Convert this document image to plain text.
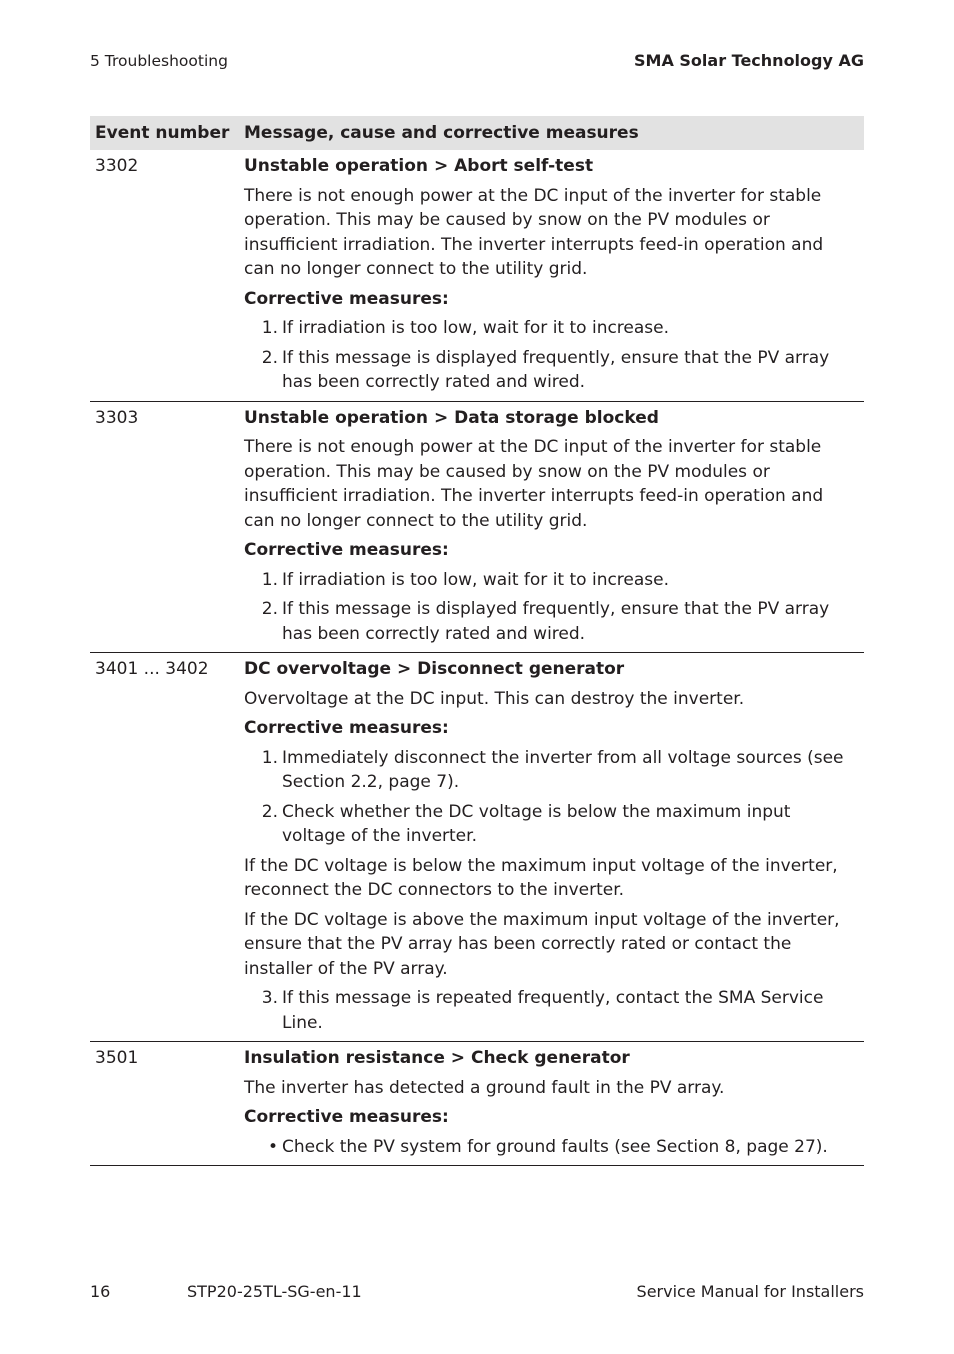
5 Troubleshooting	SMA Solar Technology AG
Event number Message, cause and corrective measures
3302	Unstable operation > Abort self-test
There is not enough power at the DC input of the inverter for stable operation. This may be caused by snow on the PV modules or insufficient irradiation. The inverter interrupts feed-in operation and can no longer connect to the utility grid.
Corrective measures:
1. If irradiation is too low, wait for it to increase.
2. If this message is displayed frequently, ensure that the PV array has been correctly rated and wired.
3303	Unstable operation > Data storage blocked
There is not enough power at the DC input of the inverter for stable operation. This may be caused by snow on the PV modules or insufficient irradiation. The inverter interrupts feed-in operation and can no longer connect to the utility grid.
Corrective measures:
1. If irradiation is too low, wait for it to increase.
2. If this message is displayed frequently, ensure that the PV array has been correctly rated and wired.
3401 ... 3402	DC overvoltage > Disconnect generator
Overvoltage at the DC input. This can destroy the inverter.
Corrective measures:
1. Immediately disconnect the inverter from all voltage sources (see Section 2.2, page 7).
2. Check whether the DC voltage is below the maximum input voltage of the inverter.
If the DC voltage is below the maximum input voltage of the inverter, reconnect the DC connectors to the inverter.
If the DC voltage is above the maximum input voltage of the inverter, ensure that the PV array has been correctly rated or contact the installer of the PV array.
3. If this message is repeated frequently, contact the SMA Service Line.
3501	Insulation resistance > Check generator
The inverter has detected a ground fault in the PV array.
Corrective measures:
• Check the PV system for ground faults (see Section 8, page 27).
16	STP20-25TL-SG-en-11	Service Manual for Installers
